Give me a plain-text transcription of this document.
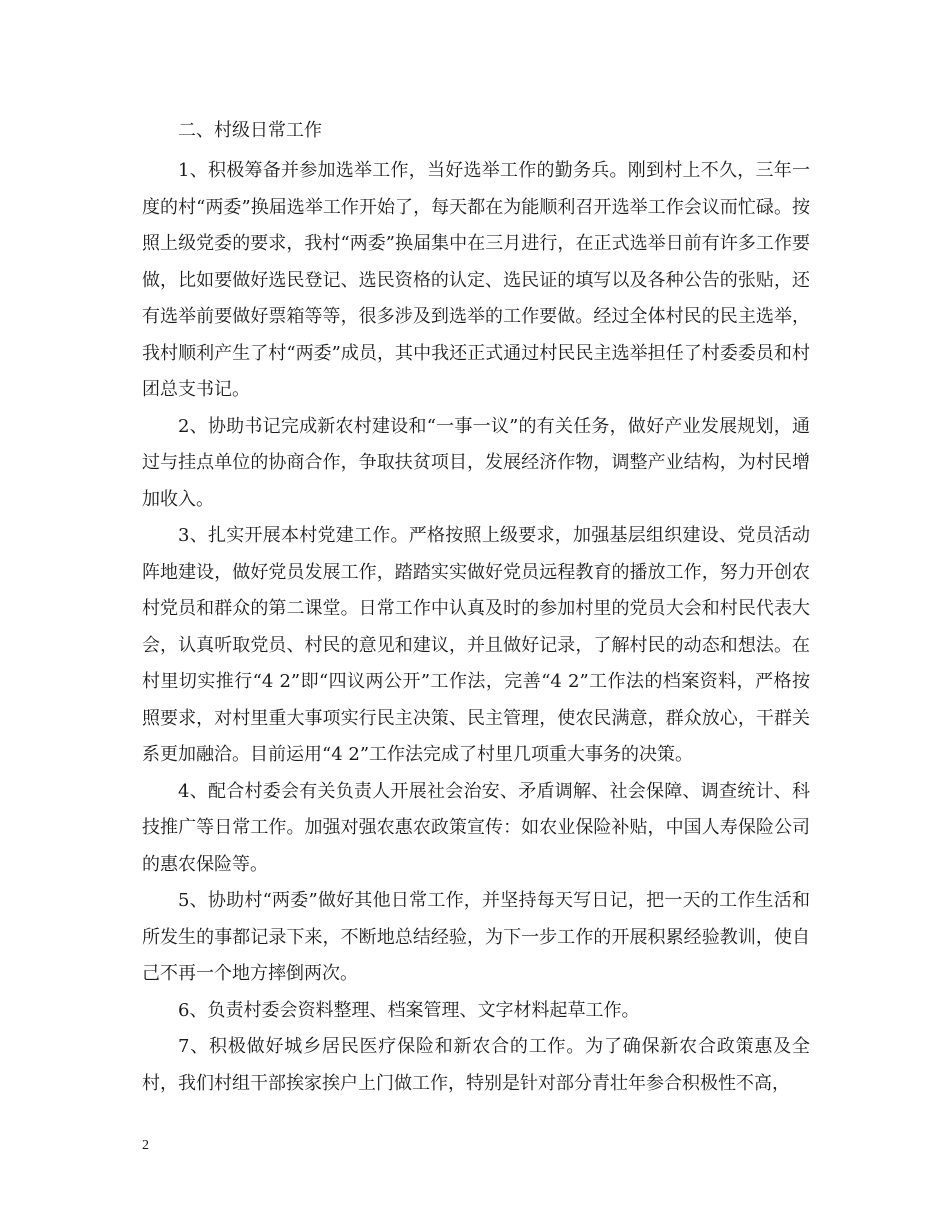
二、村级日常工作

1、积极筹备并参加选举工作，当好选举工作的勤务兵。刚到村上不久，三年一度的村“两委”换届选举工作开始了，每天都在为能顺利召开选举工作会议而忙碌。按照上级党委的要求，我村“两委”换届集中在三月进行，在正式选举日前有许多工作要做，比如要做好选民登记、选民资格的认定、选民证的填写以及各种公告的张贴，还有选举前要做好票箱等等，很多涉及到选举的工作要做。经过全体村民的民主选举，我村顺利产生了村“两委”成员，其中我还正式通过村民民主选举担任了村委委员和村团总支书记。

2、协助书记完成新农村建设和“一事一议”的有关任务，做好产业发展规划，通过与挂点单位的协商合作，争取扶贫项目，发展经济作物，调整产业结构，为村民增加收入。

3、扎实开展本村党建工作。严格按照上级要求，加强基层组织建设、党员活动阵地建设，做好党员发展工作，踏踏实实做好党员远程教育的播放工作，努力开创农村党员和群众的第二课堂。日常工作中认真及时的参加村里的党员大会和村民代表大会，认真听取党员、村民的意见和建议，并且做好记录，了解村民的动态和想法。在村里切实推行“4 2”即“四议两公开”工作法，完善“4 2”工作法的档案资料，严格按照要求，对村里重大事项实行民主决策、民主管理，使农民满意，群众放心，干群关系更加融洽。目前运用“4 2”工作法完成了村里几项重大事务的决策。

4、配合村委会有关负责人开展社会治安、矛盾调解、社会保障、调查统计、科技推广等日常工作。加强对强农惠农政策宣传：如农业保险补贴，中国人寿保险公司的惠农保险等。

5、协助村“两委”做好其他日常工作，并坚持每天写日记，把一天的工作生活和所发生的事都记录下来，不断地总结经验，为下一步工作的开展积累经验教训，使自己不再一个地方摔倒两次。

6、负责村委会资料整理、档案管理、文字材料起草工作。

7、积极做好城乡居民医疗保险和新农合的工作。为了确保新农合政策惠及全村，我们村组干部挨家挨户上门做工作，特别是针对部分青壮年参合积极性不高，

2
